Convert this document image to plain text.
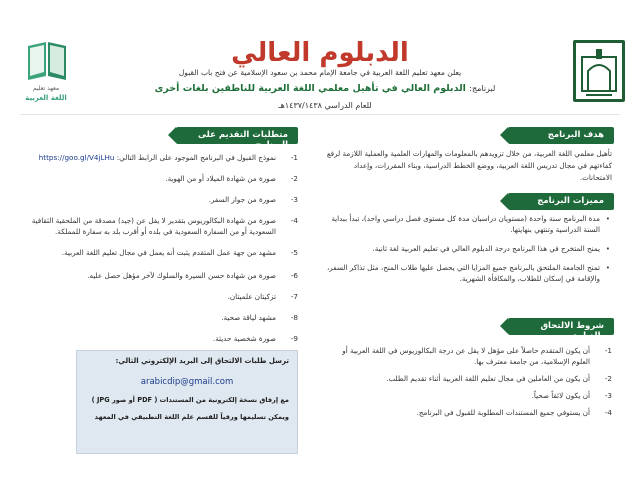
معهد تعليم
اللغة العربية
الدبلوم العالي
يعلن معهد تعليم اللغة العربية في جامعة الإمام محمد بن سعود الإسلامية عن فتح باب القبول
لبرنامج: الدبلوم العالي في تأهيل معلمي اللغة العربية للناطقين بلغات أخرى
للعام الدراسي ١٤٣٧/١٤٣٨هـ
هدف البرنامج
تأهيل معلمي اللغة العربية، من خلال تزويدهم بالمعلومات والمهارات العلمية والعملية اللازمة لرفع كفاءتهم في مجال تدريس اللغة العربية، ووضع الخطط الدراسية، وبناء المقررات، وإعداد الامتحانات.
مميزات البرنامج
• مدة البرنامج سنة واحدة (مستويان دراسيان مدة كل مستوى فصل دراسي واحد)، تبدأ ببداية السنة الدراسية وتنتهي بنهايتها.
• يمنح المتخرج في هذا البرنامج درجة الدبلوم العالي في تعليم العربية لغة ثانية.
• تمنح الجامعة الملتحق بالبرنامج جميع المزايا التي يحصل عليها طلاب المنح، مثل تذاكر السفر، والإقامة في إسكان للطلاب، والمكافأة الشهرية.
شروط الالتحاق بالدبلوم
1-
أن يكون المتقدم حاصلاً على مؤهل لا يقل عن درجة البكالوريوس في اللغة العربية أو العلوم الإسلامية، من جامعة معترف بها.
2-
أن يكون من العاملين في مجال تعليم اللغة العربية أثناء تقديم الطلب.
3-
أن يكون لائقاً صحياً.
4-
أن يستوفي جميع المستندات المطلوبة للقبول في البرنامج.
متطلبات التقديم على البرنامج
1-
نموذج القبول في البرنامج الموجود على الرابط التالي: https://goo.gl/V4jLHu
2-
صورة من شهادة الميلاد أو من الهوية.
3-
صورة من جواز السفر.
4-
صورة من شهادة البكالوريوس بتقدير لا يقل عن (جيد) مصدقة من الملحقية الثقافية السعودية أو من السفارة السعودية في بلده أو أقرب بلد به سفارة للمملكة.
5-
مشهد من جهة عمل المتقدم يثبت أنه يعمل في مجال تعليم اللغة العربية.
6-
صورة من شهادة حسن السيرة والسلوك لآخر مؤهل حصل عليه.
7-
تزكيتان علميتان.
8-
مشهد لياقة صحية.
9-
صورة شخصية حديثة.
ترسل طلبات الالتحاق إلى البريد الإلكتروني التالي:
arabicdip@gmail.com
مع إرفاق نسخة إلكترونية من المستندات ( PDF أو صور JPG )
ويمكن تسليمها ورقياً للقسم علم اللغة التطبيقي في المعهد
